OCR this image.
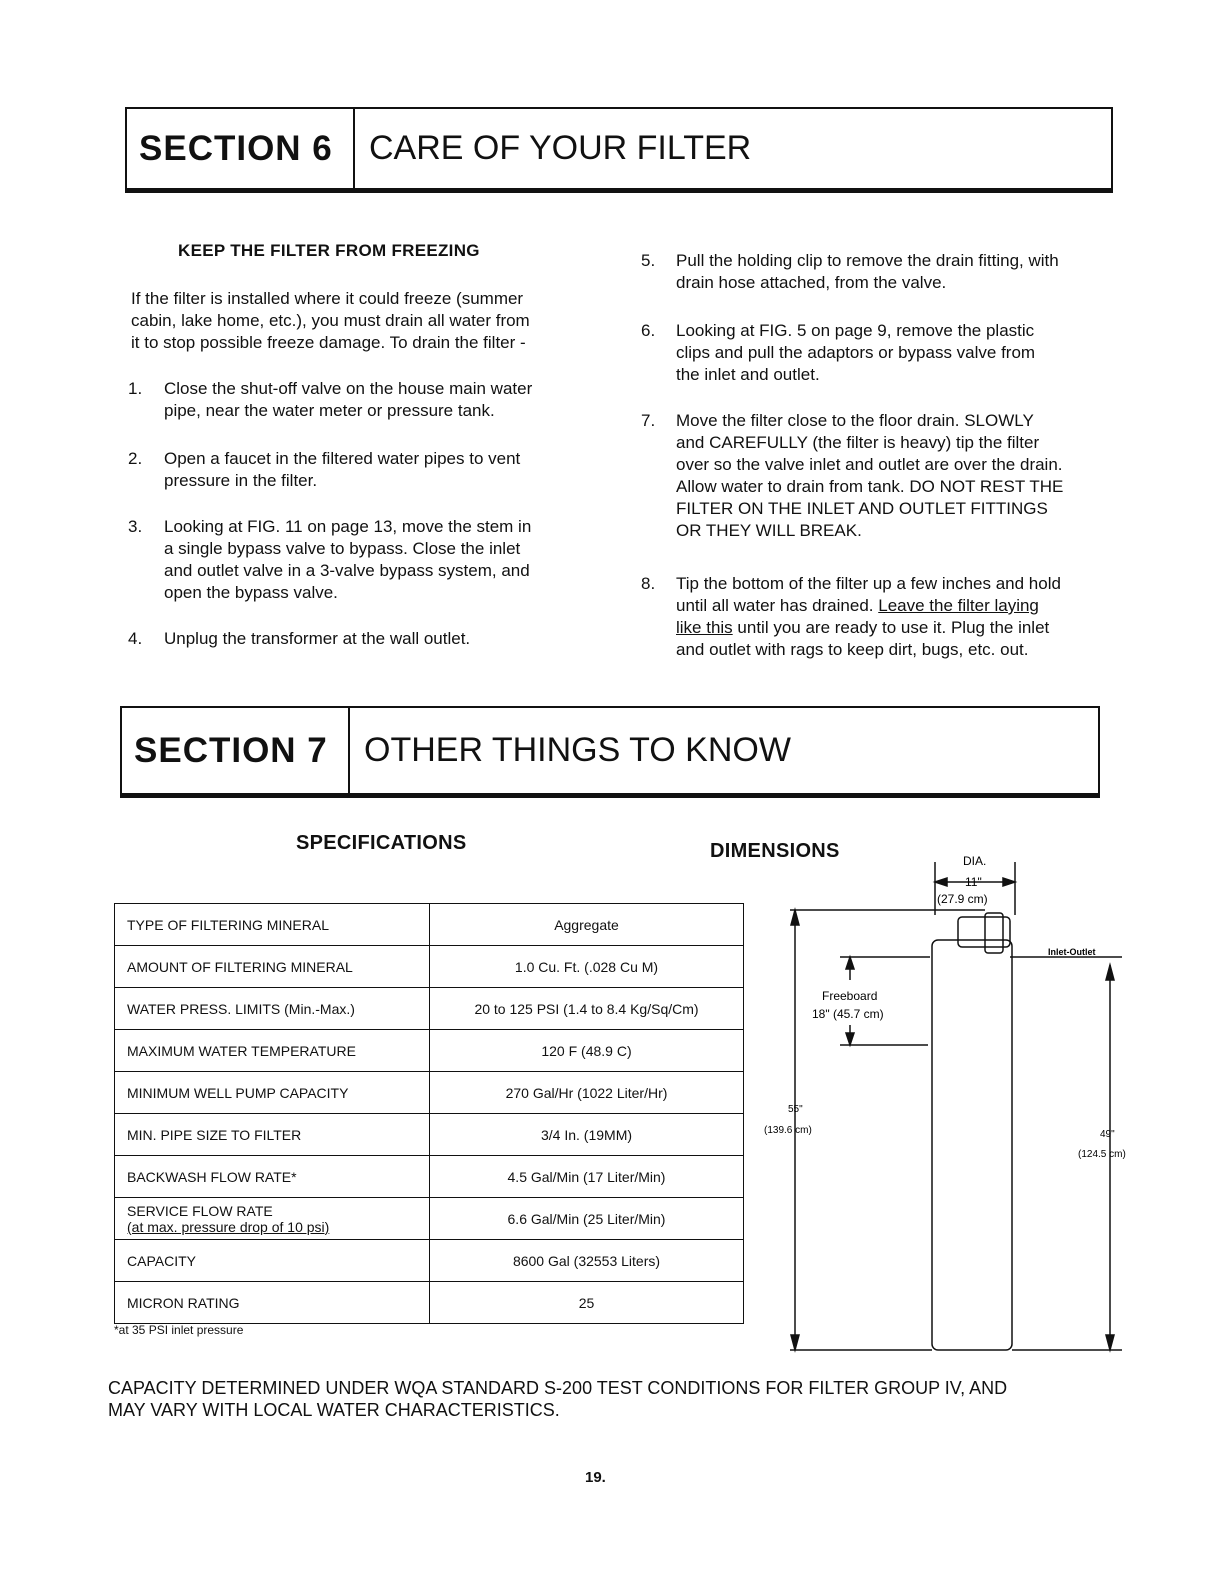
SECTION 6	CARE OF YOUR FILTER
KEEP THE FILTER FROM FREEZING
If the filter is installed where it could freeze (summer
cabin, lake home, etc.), you must drain all water from
it to stop possible freeze damage. To drain the filter -
1. Close the shut-off valve on the house main water
pipe, near the water meter or pressure tank.
2. Open a faucet in the filtered water pipes to vent
pressure in the filter.
3. Looking at FIG. 11 on page 13, move the stem in
a single bypass valve to bypass. Close the inlet
and outlet valve in a 3-valve bypass system, and
open the bypass valve.
4. Unplug the transformer at the wall outlet.
5. Pull the holding clip to remove the drain fitting, with
drain hose attached, from the valve.
6. Looking at FIG. 5 on page 9, remove the plastic
clips and pull the adaptors or bypass valve from
the inlet and outlet.
7. Move the filter close to the floor drain. SLOWLY
and CAREFULLY (the filter is heavy) tip the filter
over so the valve inlet and outlet are over the drain.
Allow water to drain from tank. DO NOT REST THE
FILTER ON THE INLET AND OUTLET FITTINGS
OR THEY WILL BREAK.
8. Tip the bottom of the filter up a few inches and hold
until all water has drained. Leave the filter laying
like this until you are ready to use it. Plug the inlet
and outlet with rags to keep dirt, bugs, etc. out.
SECTION 7	OTHER THINGS TO KNOW
SPECIFICATIONS	DIMENSIONS
TYPE OF FILTERING MINERAL	Aggregate
AMOUNT OF FILTERING MINERAL	1.0 Cu. Ft. (.028 Cu M)
WATER PRESS. LIMITS (Min.-Max.)	20 to 125 PSI (1.4 to 8.4 Kg/Sq/Cm)
MAXIMUM WATER TEMPERATURE	120 F (48.9 C)
MINIMUM WELL PUMP CAPACITY	270 Gal/Hr (1022 Liter/Hr)
MIN. PIPE SIZE TO FILTER	3/4 In. (19MM)
BACKWASH FLOW RATE*	4.5 Gal/Min (17 Liter/Min)

SERVICE FLOW RATE
(at max. pressure drop of 10 psi)	6.6 Gal/Min (25 Liter/Min)
CAPACITY	8600 Gal (32553 Liters)
MICRON RATING	25
*at 35 PSI inlet pressure
DIA.
11"
(27.9 cm)
Inlet-Outlet
Freeboard
18" (45.7 cm)
55"
(139.6 cm)	49"
(124.5 cm)
CAPACITY DETERMINED UNDER WQA STANDARD S-200 TEST CONDITIONS FOR FILTER GROUP IV, AND
MAY VARY WITH LOCAL WATER CHARACTERISTICS.
19.
